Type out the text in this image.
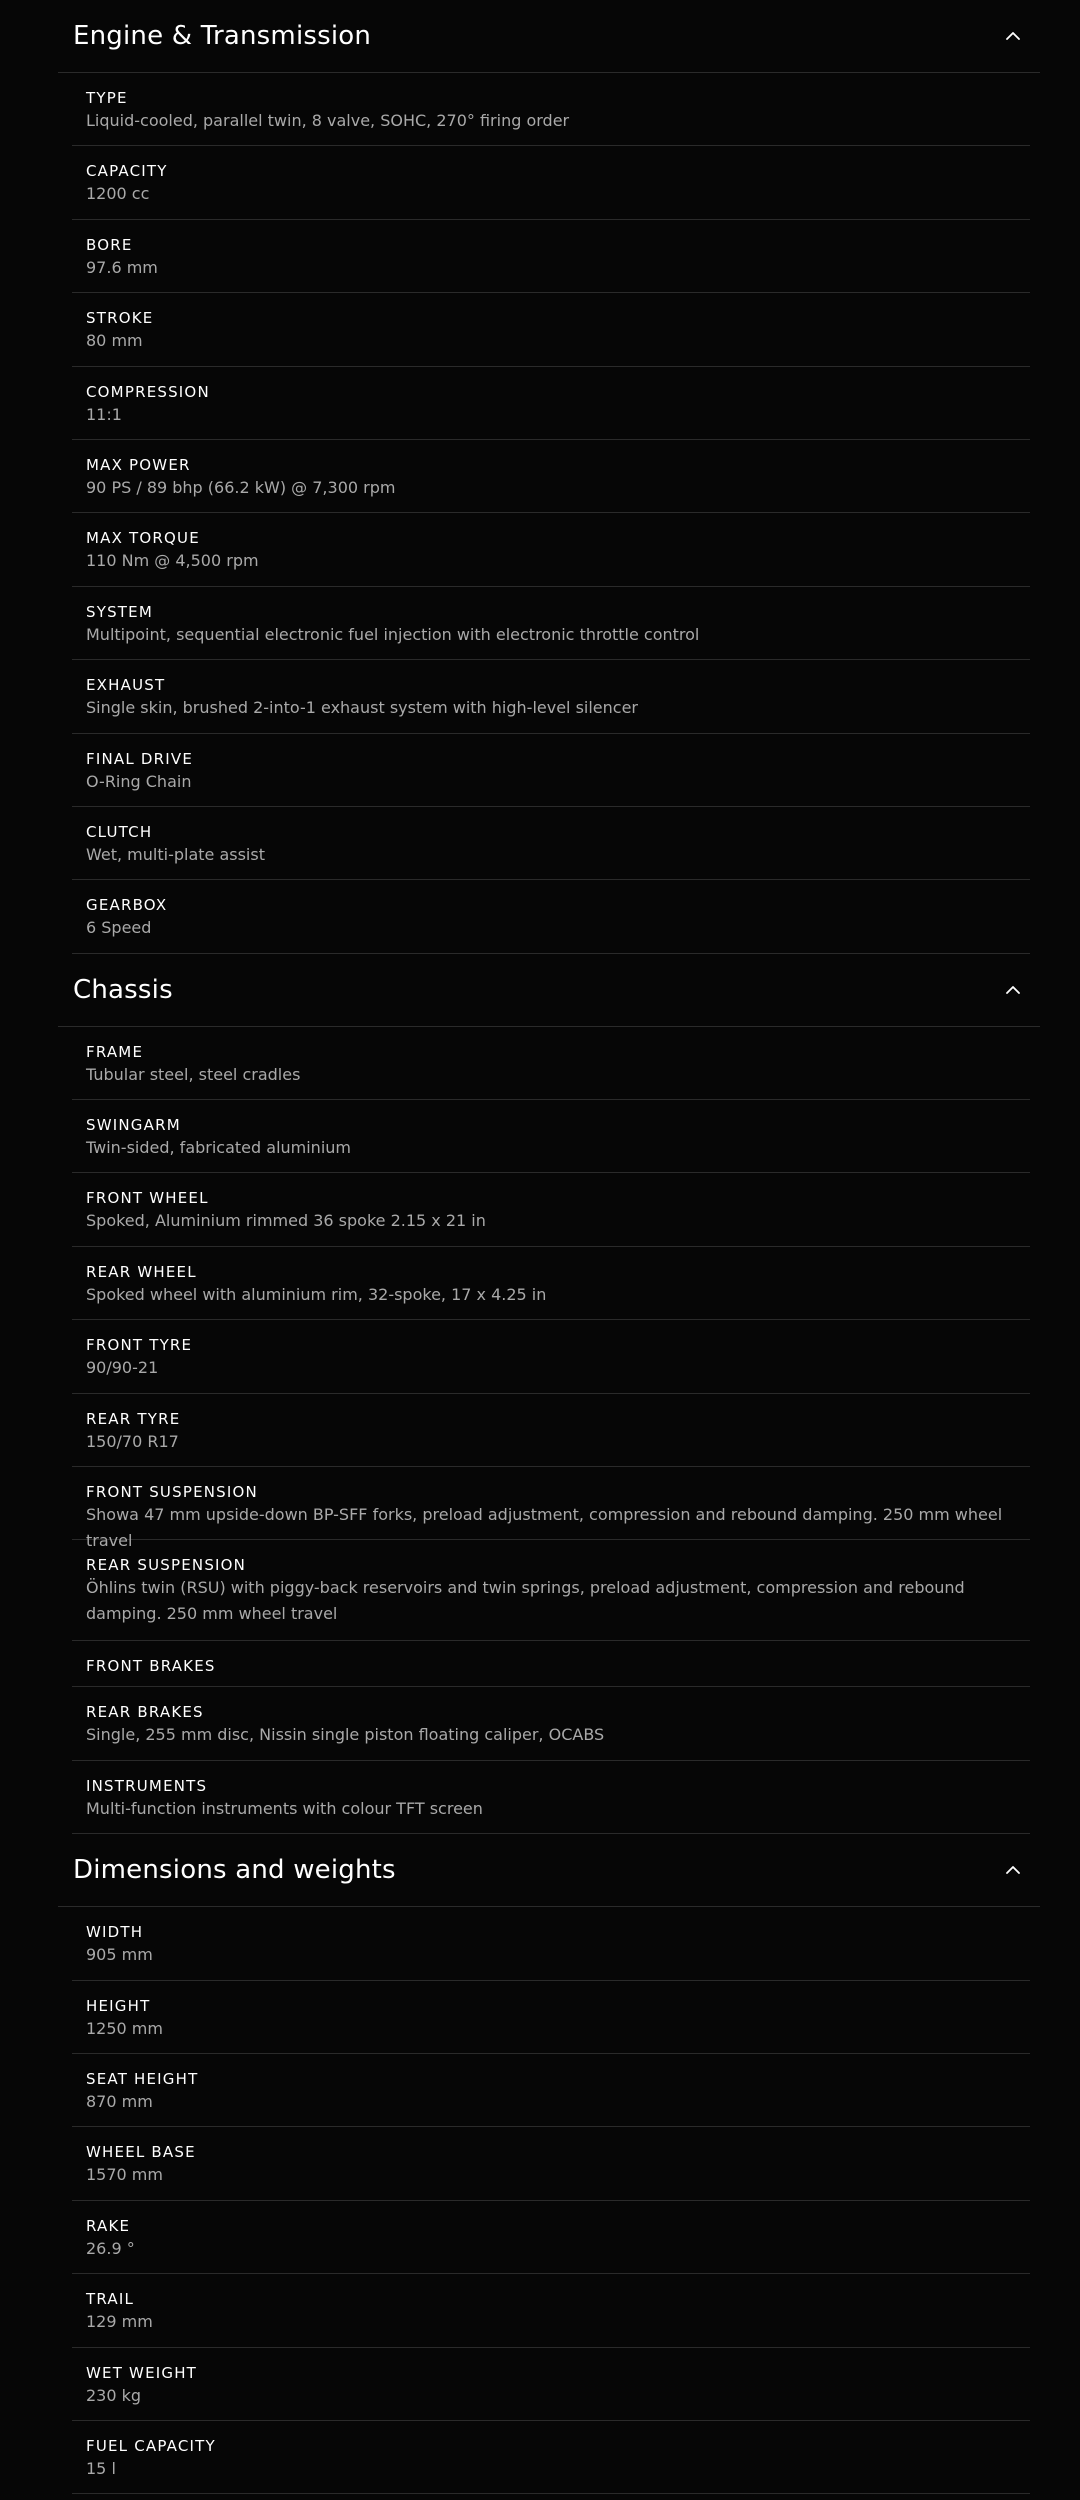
Engine & Transmission
TYPE
Liquid-cooled, parallel twin, 8 valve, SOHC, 270° firing order
CAPACITY
1200 cc
BORE
97.6 mm
STROKE
80 mm
COMPRESSION
11:1
MAX POWER
90 PS / 89 bhp (66.2 kW) @ 7,300 rpm
MAX TORQUE
110 Nm @ 4,500 rpm
SYSTEM
Multipoint, sequential electronic fuel injection with electronic throttle control
EXHAUST
Single skin, brushed 2-into-1 exhaust system with high-level silencer
FINAL DRIVE
O-Ring Chain
CLUTCH
Wet, multi-plate assist
GEARBOX
6 Speed
Chassis
FRAME
Tubular steel, steel cradles
SWINGARM
Twin-sided, fabricated aluminium
FRONT WHEEL
Spoked, Aluminium rimmed 36 spoke 2.15 x 21 in
REAR WHEEL
Spoked wheel with aluminium rim, 32-spoke, 17 x 4.25 in
FRONT TYRE
90/90-21
REAR TYRE
150/70 R17
FRONT SUSPENSION
Showa 47 mm upside-down BP-SFF forks, preload adjustment, compression and rebound damping. 250 mm wheel travel
REAR SUSPENSION
Öhlins twin (RSU) with piggy-back reservoirs and twin springs, preload adjustment, compression and rebound damping. 250 mm wheel travel
FRONT BRAKES
REAR BRAKES
Single, 255 mm disc, Nissin single piston floating caliper, OCABS
INSTRUMENTS
Multi-function instruments with colour TFT screen
Dimensions and weights
WIDTH
905 mm
HEIGHT
1250 mm
SEAT HEIGHT
870 mm
WHEEL BASE
1570 mm
RAKE
26.9 °
TRAIL
129 mm
WET WEIGHT
230 kg
FUEL CAPACITY
15 l
